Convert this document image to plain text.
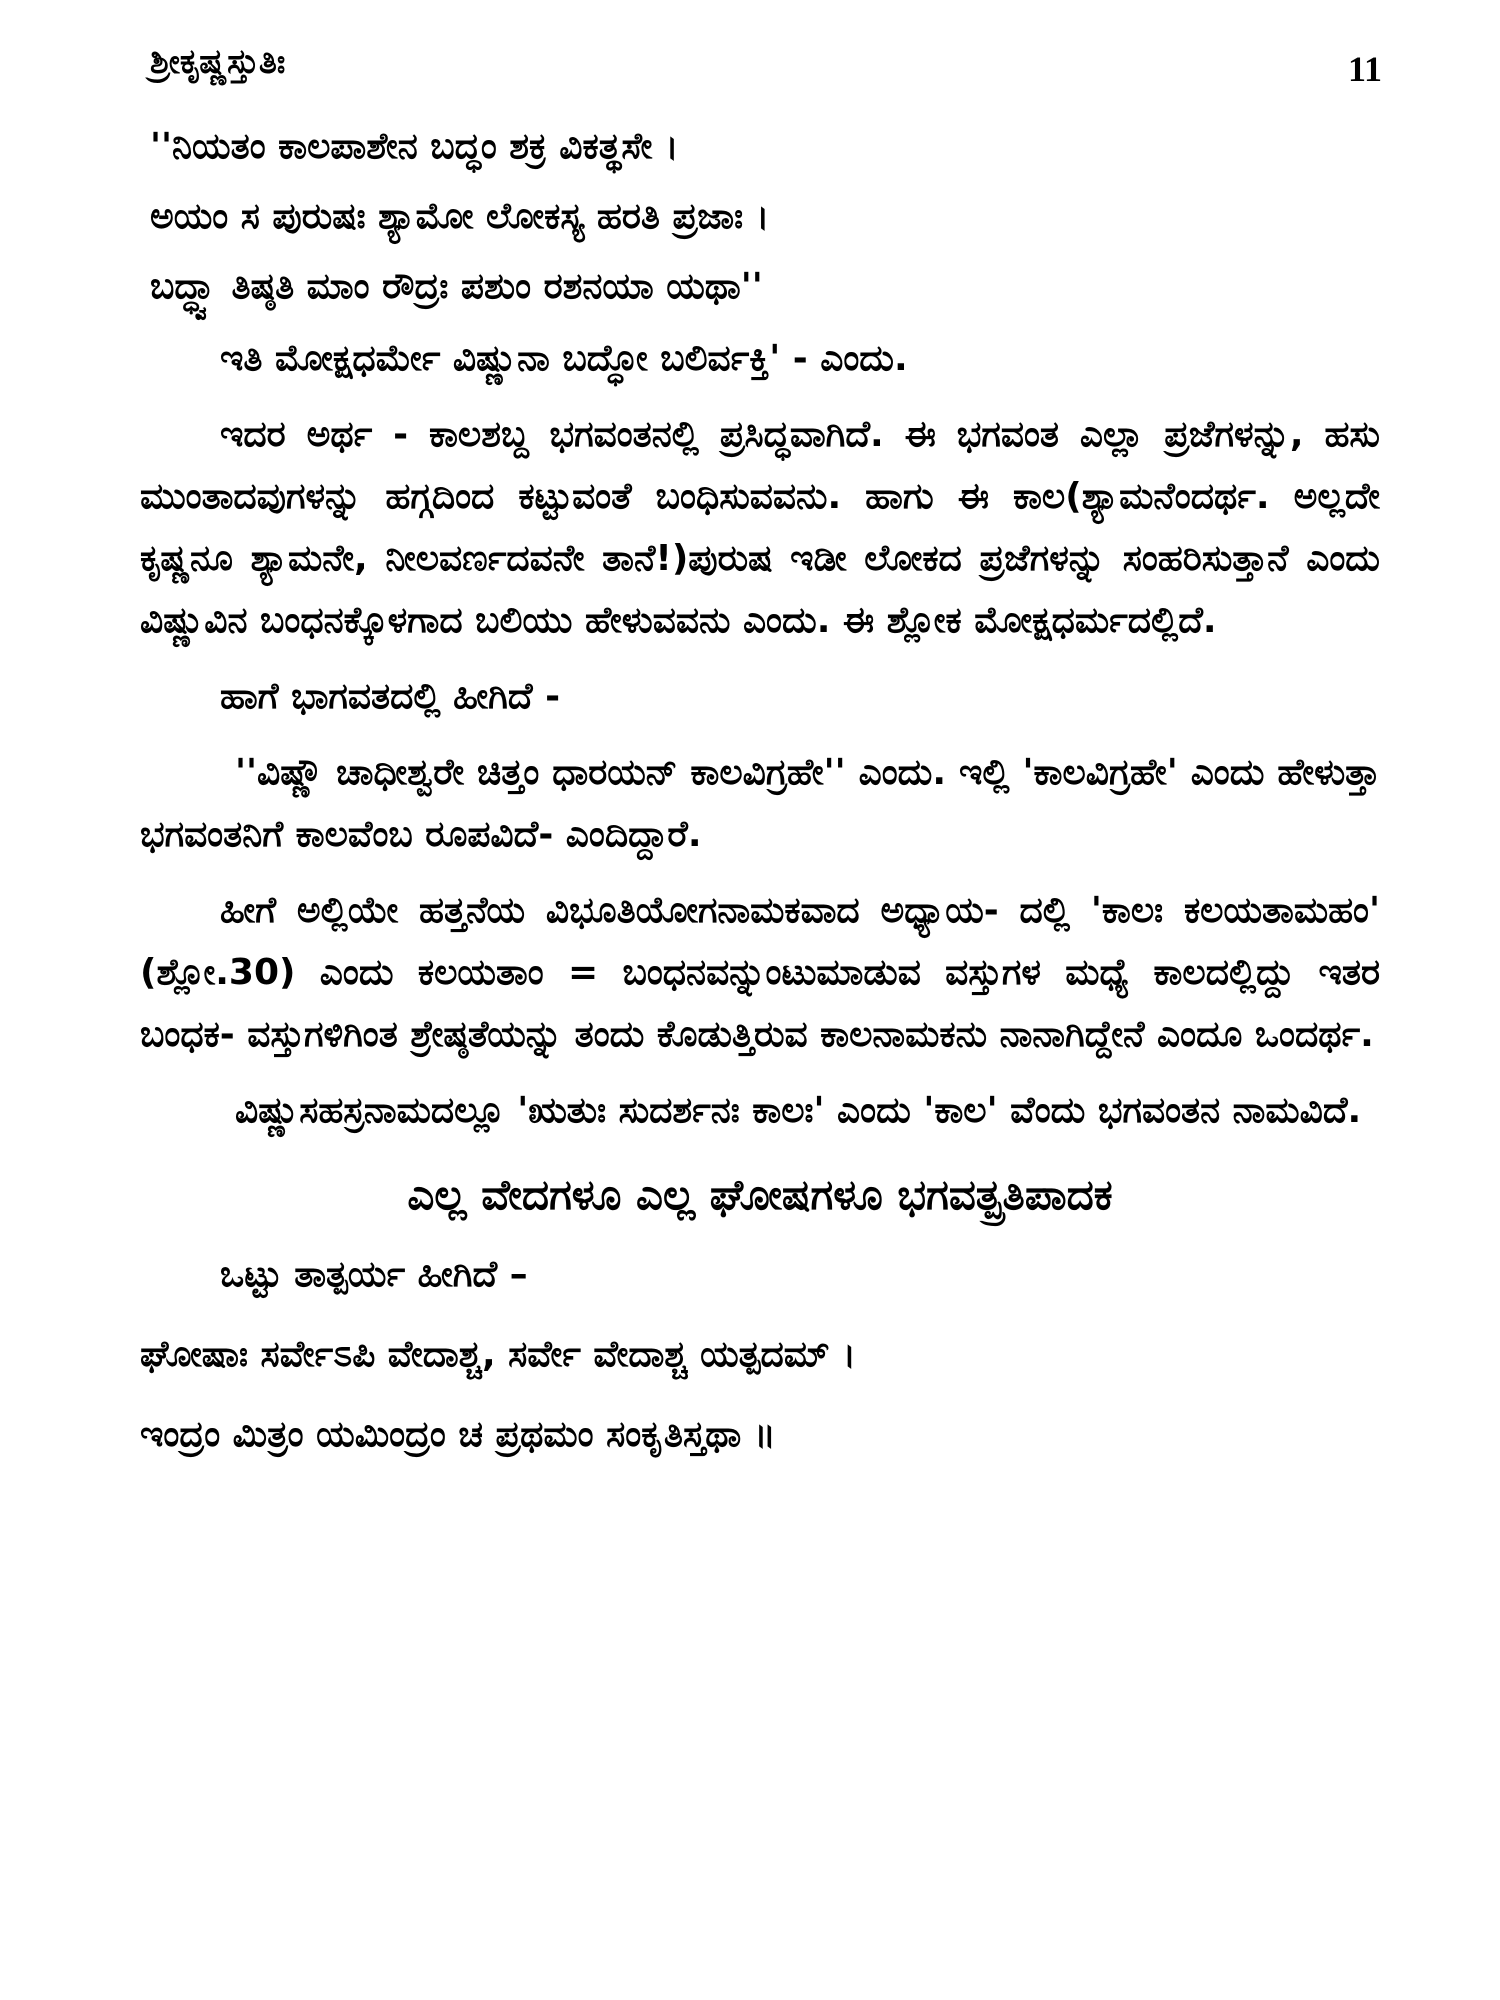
ಶ್ರೀಕೃಷ್ಣಸ್ತುತಿಃ	11
''ನಿಯತಂ ಕಾಲಪಾಶೇನ ಬದ್ಧಂ ಶಕ್ರ ವಿಕತ್ಥಸೇ ।
ಅಯಂ ಸ ಪುರುಷಃ ಶ್ಯಾಮೋ ಲೋಕಸ್ಯ ಹರತಿ ಪ್ರಜಾಃ ।
ಬದ್ಧ್ವಾ ತಿಷ್ಠತಿ ಮಾಂ ರೌದ್ರಃ ಪಶುಂ ರಶನಯಾ ಯಥಾ''

ಇತಿ ಮೋಕ್ಷಧರ್ಮೇ ವಿಷ್ಣುನಾ ಬದ್ಧೋ ಬಲಿರ್ವಕ್ತಿ' - ಎಂದು.

ಇದರ ಅರ್ಥ - ಕಾಲಶಬ್ದ ಭಗವಂತನಲ್ಲಿ ಪ್ರಸಿದ್ಧವಾಗಿದೆ. ಈ ಭಗವಂತ ಎಲ್ಲಾ ಪ್ರಜೆಗಳನ್ನು, ಹಸು ಮುಂತಾದವುಗಳನ್ನು ಹಗ್ಗದಿಂದ ಕಟ್ಟುವಂತೆ ಬಂಧಿಸುವವನು. ಹಾಗು ಈ ಕಾಲ(ಶ್ಯಾಮನೆಂದರ್ಥ. ಅಲ್ಲದೇ ಕೃಷ್ಣನೂ ಶ್ಯಾಮನೇ, ನೀಲವರ್ಣದವನೇ ತಾನೆ!)ಪುರುಷ ಇಡೀ ಲೋಕದ ಪ್ರಜೆಗಳನ್ನು ಸಂಹರಿಸುತ್ತಾನೆ ಎಂದು ವಿಷ್ಣುವಿನ ಬಂಧನಕ್ಕೊಳಗಾದ ಬಲಿಯು ಹೇಳುವವನು ಎಂದು. ಈ ಶ್ಲೋಕ ಮೋಕ್ಷಧರ್ಮದಲ್ಲಿದೆ.

ಹಾಗೆ ಭಾಗವತದಲ್ಲಿ ಹೀಗಿದೆ -

''ವಿಷ್ಣೌ ಚಾಧೀಶ್ವರೇ ಚಿತ್ತಂ ಧಾರಯನ್ ಕಾಲವಿಗ್ರಹೇ'' ಎಂದು. ಇಲ್ಲಿ 'ಕಾಲವಿಗ್ರಹೇ' ಎಂದು ಹೇಳುತ್ತಾ ಭಗವಂತನಿಗೆ ಕಾಲವೆಂಬ ರೂಪವಿದೆ- ಎಂದಿದ್ದಾರೆ.

ಹೀಗೆ ಅಲ್ಲಿಯೇ ಹತ್ತನೆಯ ವಿಭೂತಿಯೋಗನಾಮಕವಾದ ಅಧ್ಯಾಯ- ದಲ್ಲಿ 'ಕಾಲಃ ಕಲಯತಾಮಹಂ' (ಶ್ಲೋ.30) ಎಂದು ಕಲಯತಾಂ = ಬಂಧನವನ್ನುಂಟುಮಾಡುವ ವಸ್ತುಗಳ ಮಧ್ಯೆ ಕಾಲದಲ್ಲಿದ್ದು ಇತರ ಬಂಧಕ- ವಸ್ತುಗಳಿಗಿಂತ ಶ್ರೇಷ್ಠತೆಯನ್ನು ತಂದು ಕೊಡುತ್ತಿರುವ ಕಾಲನಾಮಕನು ನಾನಾಗಿದ್ದೇನೆ ಎಂದೂ ಒಂದರ್ಥ.

ವಿಷ್ಣುಸಹಸ್ರನಾಮದಲ್ಲೂ 'ಋತುಃ ಸುದರ್ಶನಃ ಕಾಲಃ' ಎಂದು 'ಕಾಲ' ವೆಂದು ಭಗವಂತನ ನಾಮವಿದೆ.

ಎಲ್ಲ ವೇದಗಳೂ ಎಲ್ಲ ಘೋಷಗಳೂ ಭಗವತ್ಪ್ರತಿಪಾದಕ

ಒಟ್ಟು ತಾತ್ಪರ್ಯ ಹೀಗಿದೆ –

ಘೋಷಾಃ ಸರ್ವೇಽಪಿ ವೇದಾಶ್ಚ, ಸರ್ವೇ ವೇದಾಶ್ಚ ಯತ್ಪದಮ್ ।
ಇಂದ್ರಂ ಮಿತ್ರಂ ಯಮಿಂದ್ರಂ ಚ ಪ್ರಥಮಂ ಸಂಕೃತಿಸ್ತಥಾ ॥
